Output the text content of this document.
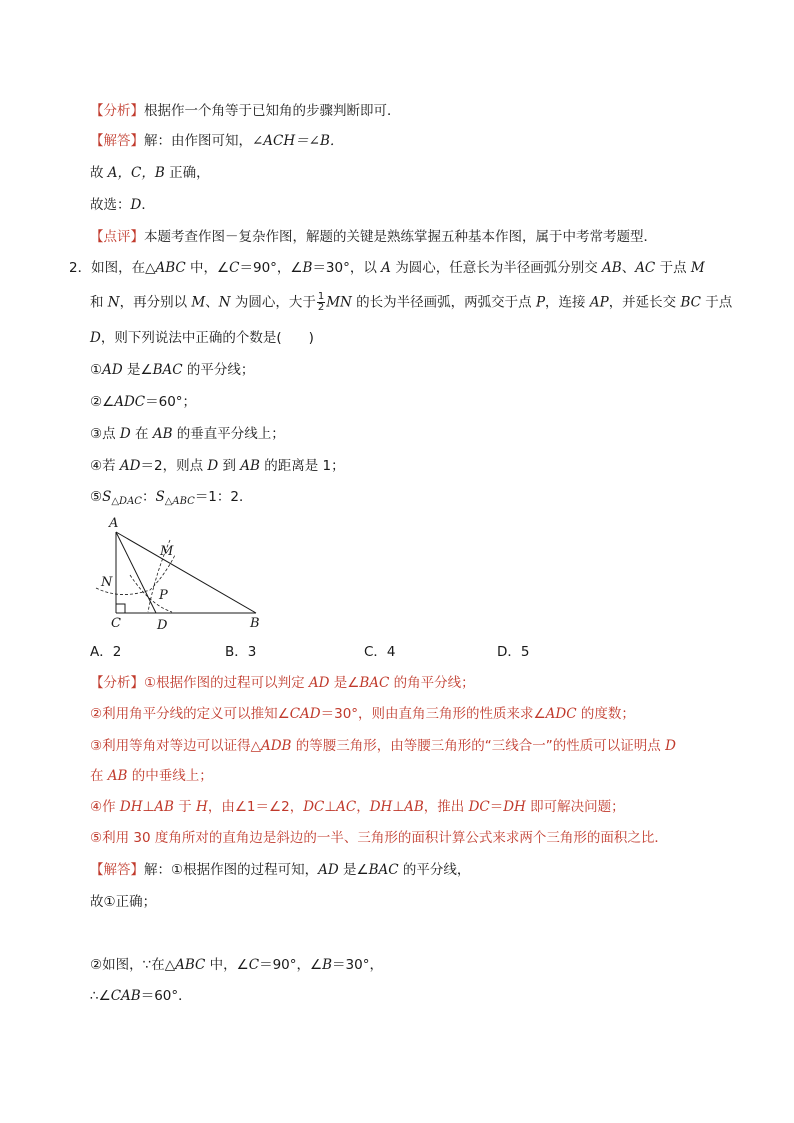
【分析】根据作一个角等于已知角的步骤判断即可．
【解答】解：由作图可知，∠ACH＝∠B．
故 A，C，B 正确，
故选：D．
【点评】本题考查作图－复杂作图，解题的关键是熟练掌握五种基本作图，属于中考常考题型．
2．如图，在△ABC 中，∠C＝90°，∠B＝30°，以 A 为圆心，任意长为半径画弧分别交 AB、AC 于点 M
和 N，再分别以 M、N 为圆心，大于 $\frac{1}{2}$ MN 的长为半径画弧，两弧交于点 P，连接 AP，并延长交 BC 于点
D，则下列说法中正确的个数是(　　)
①AD 是∠BAC 的平分线；
②∠ADC＝60°；
③点 D 在 AB 的垂直平分线上；
④若 AD＝2，则点 D 到 AB 的距离是 1；
$⑤S_{\triangle DAC}$：$S_{\triangle ABC}=1$：2．
A
M
N
P
C	D	B
A．2	B．3	C．4	D．5
【分析】①根据作图的过程可以判定 AD 是∠BAC 的角平分线；
②利用角平分线的定义可以推知∠CAD＝30°，则由直角三角形的性质来求∠ADC 的度数；
③利用等角对等边可以证得△ADB 的等腰三角形，由等腰三角形的“三线合一”的性质可以证明点 D
在 AB 的中垂线上；
④作 DH⊥AB 于 H，由∠1＝∠2，DC⊥AC，DH⊥AB，推出 DC＝DH 即可解决问题；
⑤利用 30 度角所对的直角边是斜边的一半、三角形的面积计算公式来求两个三角形的面积之比．
【解答】解：①根据作图的过程可知，AD 是∠BAC 的平分线，
故①正确；
②如图，∵在△ABC 中，∠C＝90°，∠B＝30°，
∴∠CAB＝60°．
